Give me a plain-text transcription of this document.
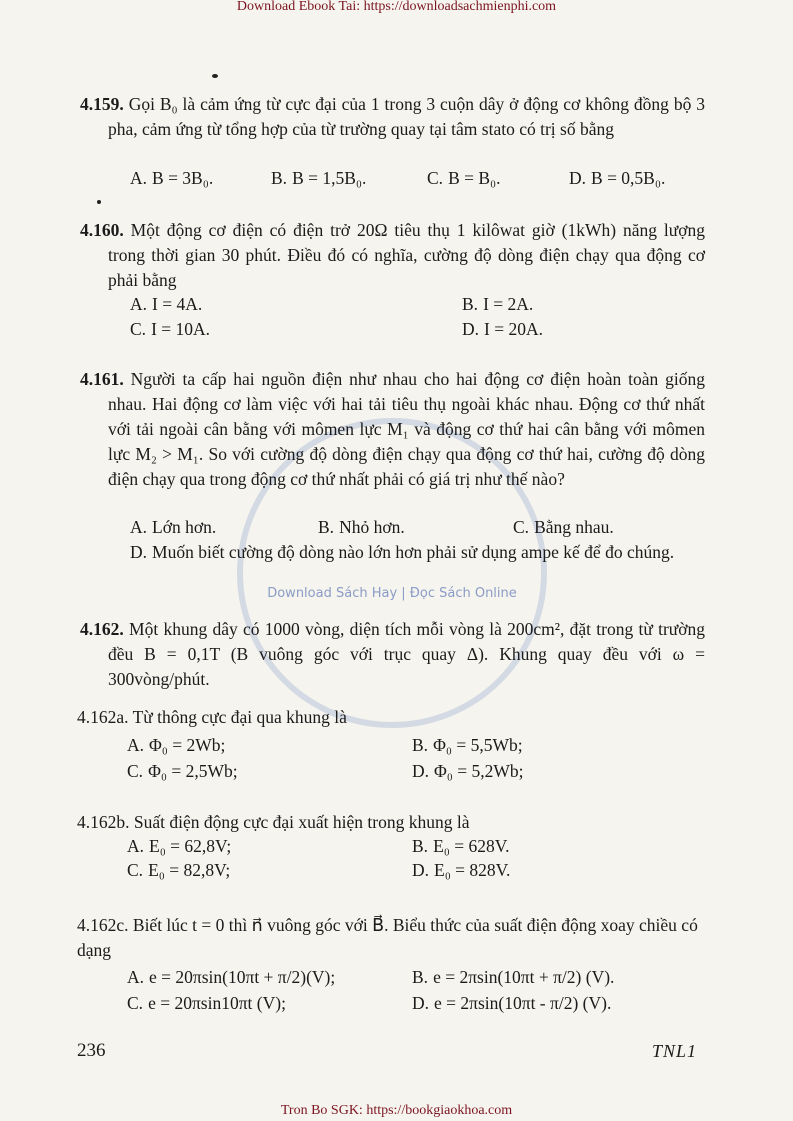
Download Ebook Tai: https://downloadsachmienphi.com
Download Sách Hay | Đọc Sách Online
4.159. Gọi B₀ là cảm ứng từ cực đại của 1 trong 3 cuộn dây ở động cơ không đồng bộ 3 pha, cảm ứng từ tổng hợp của từ trường quay tại tâm stato có trị số bằng
A. B = 3B₀.	B. B = 1,5B₀.	C. B = B₀.	D. B = 0,5B₀.
4.160. Một động cơ điện có điện trở 20Ω tiêu thụ 1 kilôwat giờ (1kWh) năng lượng trong thời gian 30 phút. Điều đó có nghĩa, cường độ dòng điện chạy qua động cơ phải bằng
A. I = 4A.	B. I = 2A.
C. I = 10A.	D. I = 20A.
4.161. Người ta cấp hai nguồn điện như nhau cho hai động cơ điện hoàn toàn giống nhau. Hai động cơ làm việc với hai tải tiêu thụ ngoài khác nhau. Động cơ thứ nhất với tải ngoài cân bằng với mômen lực M₁ và động cơ thứ hai cân bằng với mômen lực M₂ > M₁. So với cường độ dòng điện chạy qua động cơ thứ hai, cường độ dòng điện chạy qua trong động cơ thứ nhất phải có giá trị như thế nào?
A. Lớn hơn.	B. Nhỏ hơn.	C. Bằng nhau.
D. Muốn biết cường độ dòng nào lớn hơn phải sử dụng ampe kế để đo chúng.
4.162. Một khung dây có 1000 vòng, diện tích mỗi vòng là 200cm², đặt trong từ trường đều B = 0,1T (B vuông góc với trục quay Δ). Khung quay đều với ω = 300vòng/phút.
4.162a. Từ thông cực đại qua khung là
A. Φ₀ = 2Wb;	B. Φ₀ = 5,5Wb;
C. Φ₀ = 2,5Wb;	D. Φ₀ = 5,2Wb;
4.162b. Suất điện động cực đại xuất hiện trong khung là
A. E₀ = 62,8V;	B. E₀ = 628V.
C. E₀ = 82,8V;	D. E₀ = 828V.
4.162c. Biết lúc t = 0 thì n⃗ vuông góc với B⃗. Biểu thức của suất điện động xoay chiều có dạng
A. e = 20πsin(10πt + π/2)(V);	B. e = 2πsin(10πt + π/2) (V).
C. e = 20πsin10πt (V);	D. e = 2πsin(10πt - π/2) (V).
236	TNL1
Tron Bo SGK: https://bookgiaokhoa.com
